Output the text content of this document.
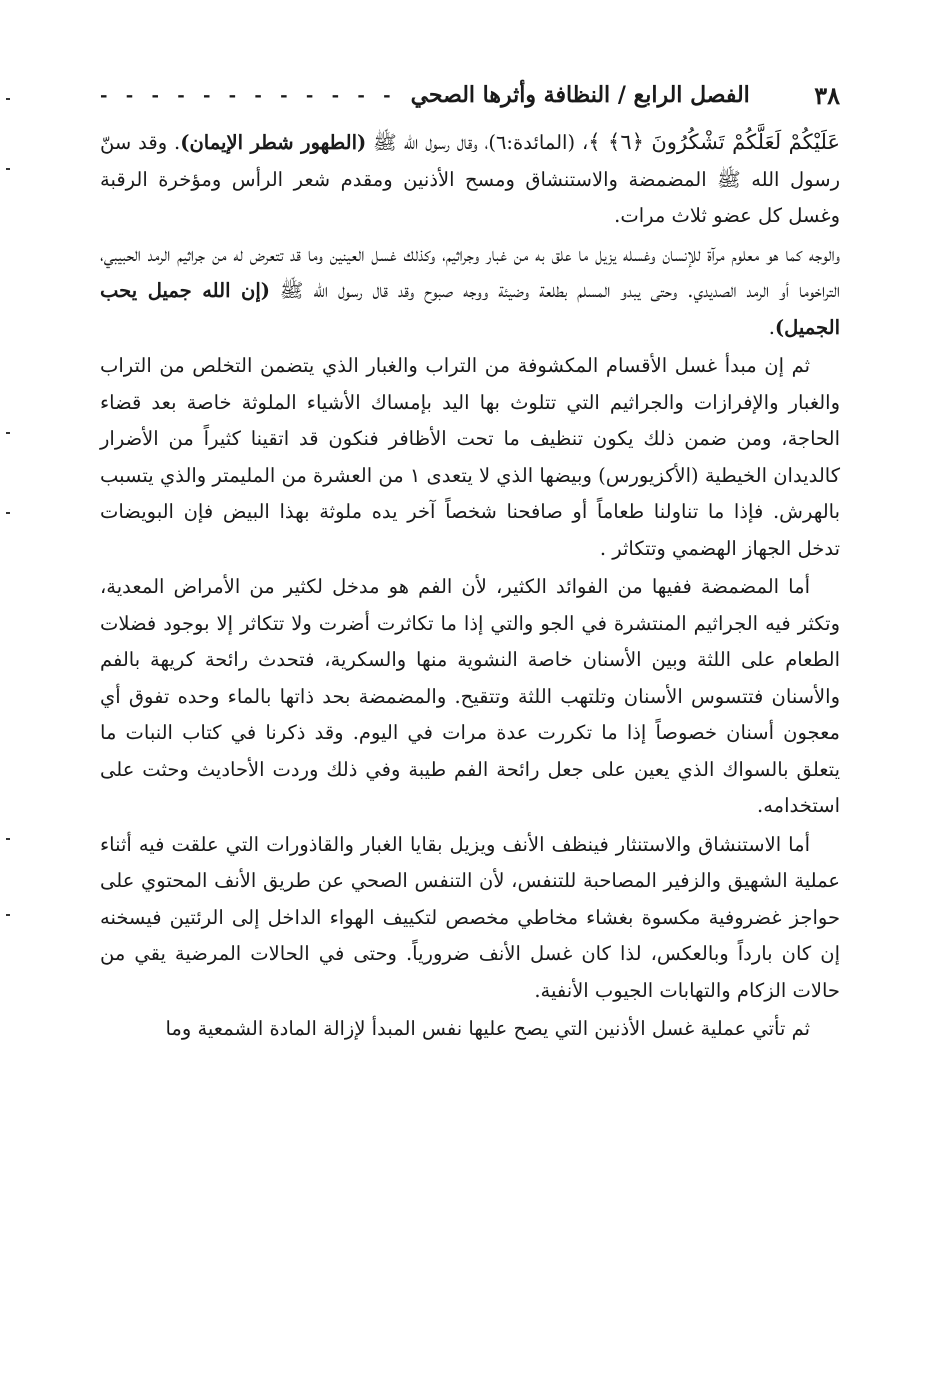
٣٨
الفصل الرابع / النظافة وأثرها الصحي
- - - - - - - - - - - -

عَلَيْكُمْ لَعَلَّكُمْ تَشْكُرُونَ ﴿٦﴾ ﴾، (المائدة:٦)، وقال رسول الله ﷺ (الطهور شطر الإيمان). وقد سنّ رسول الله ﷺ المضمضة والاستنشاق ومسح الأذنين ومقدم شعر الرأس ومؤخرة الرقبة وغسل كل عضو ثلاث مرات.

والوجه كما هو معلوم مرآة للإنسان وغسله يزيل ما علق به من غبار وجراثيم، وكذلك غسل العينين وما قد تتعرض له من جراثيم الرمد الحبيبي، التراخوما أو الرمد الصديدي. وحتى يبدو المسلم بطلعة وضيئة ووجه صبوح وقد قال رسول الله ﷺ (إن الله جميل يحب الجميل).

ثم إن مبدأ غسل الأقسام المكشوفة من التراب والغبار الذي يتضمن التخلص من التراب والغبار والإفرازات والجراثيم التي تتلوث بها اليد بإمساك الأشياء الملوثة خاصة بعد قضاء الحاجة، ومن ضمن ذلك يكون تنظيف ما تحت الأظافر فنكون قد اتقينا كثيراً من الأضرار كالديدان الخيطية (الأكزيورس) وبيضها الذي لا يتعدى ١ من العشرة من المليمتر والذي يتسبب بالهرش. فإذا ما تناولنا طعاماً أو صافحنا شخصاً آخر يده ملوثة بهذا البيض فإن البويضات تدخل الجهاز الهضمي وتتكاثر .

أما المضمضة ففيها من الفوائد الكثير، لأن الفم هو مدخل لكثير من الأمراض المعدية، وتكثر فيه الجراثيم المنتشرة في الجو والتي إذا ما تكاثرت أضرت ولا تتكاثر إلا بوجود فضلات الطعام على اللثة وبين الأسنان خاصة النشوية منها والسكرية، فتحدث رائحة كريهة بالفم والأسنان فتتسوس الأسنان وتلتهب اللثة وتتقيح. والمضمضة بحد ذاتها بالماء وحده تفوق أي معجون أسنان خصوصاً إذا ما تكررت عدة مرات في اليوم. وقد ذكرنا في كتاب النبات ما يتعلق بالسواك الذي يعين على جعل رائحة الفم طيبة وفي ذلك وردت الأحاديث وحثت على استخدامه.

أما الاستنشاق والاستنثار فينظف الأنف ويزيل بقايا الغبار والقاذورات التي علقت فيه أثناء عملية الشهيق والزفير المصاحبة للتنفس، لأن التنفس الصحي عن طريق الأنف المحتوي على حواجز غضروفية مكسوة بغشاء مخاطي مخصص لتكييف الهواء الداخل إلى الرئتين فيسخنه إن كان بارداً وبالعكس، لذا كان غسل الأنف ضرورياً. وحتى في الحالات المرضية يقي من حالات الزكام والتهابات الجيوب الأنفية.

ثم تأتي عملية غسل الأذنين التي يصح عليها نفس المبدأ لإزالة المادة الشمعية وما
